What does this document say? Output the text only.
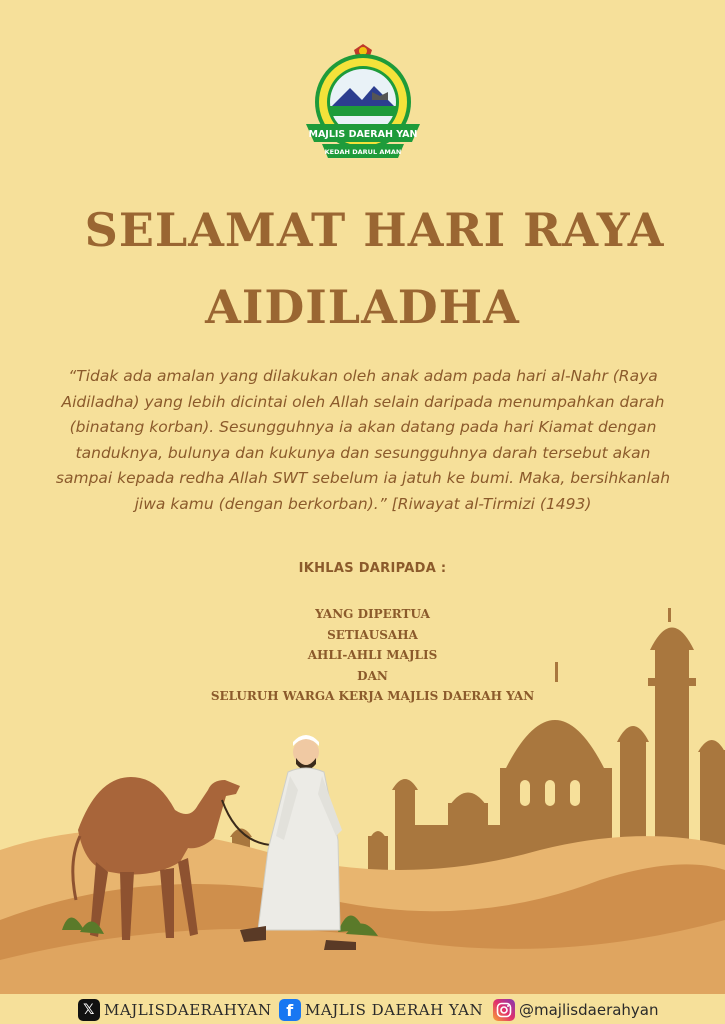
MAJLIS DAERAH YAN
KEDAH DARUL AMAN
SELAMAT HARI RAYA
AIDILADHA

“Tidak ada amalan yang dilakukan oleh anak adam pada hari al-Nahr (Raya Aidiladha) yang lebih dicintai oleh Allah selain daripada menumpahkan darah (binatang korban). Sesungguhnya ia akan datang pada hari Kiamat dengan tanduknya, bulunya dan kukunya dan sesungguhnya darah tersebut akan sampai kepada redha Allah SWT sebelum ia jatuh ke bumi. Maka, bersihkanlah jiwa kamu (dengan berkorban).” [Riwayat al-Tirmizi (1493)

IKHLAS DARIPADA :
YANG DIPERTUA
SETIAUSAHA
AHLI-AHLI MAJLIS
DAN
SELURUH WARGA KERJA MAJLIS DAERAH YAN
𝕏 MAJLISDAERAHYAN f MAJLIS DAERAH YAN @majlisdaerahyan
